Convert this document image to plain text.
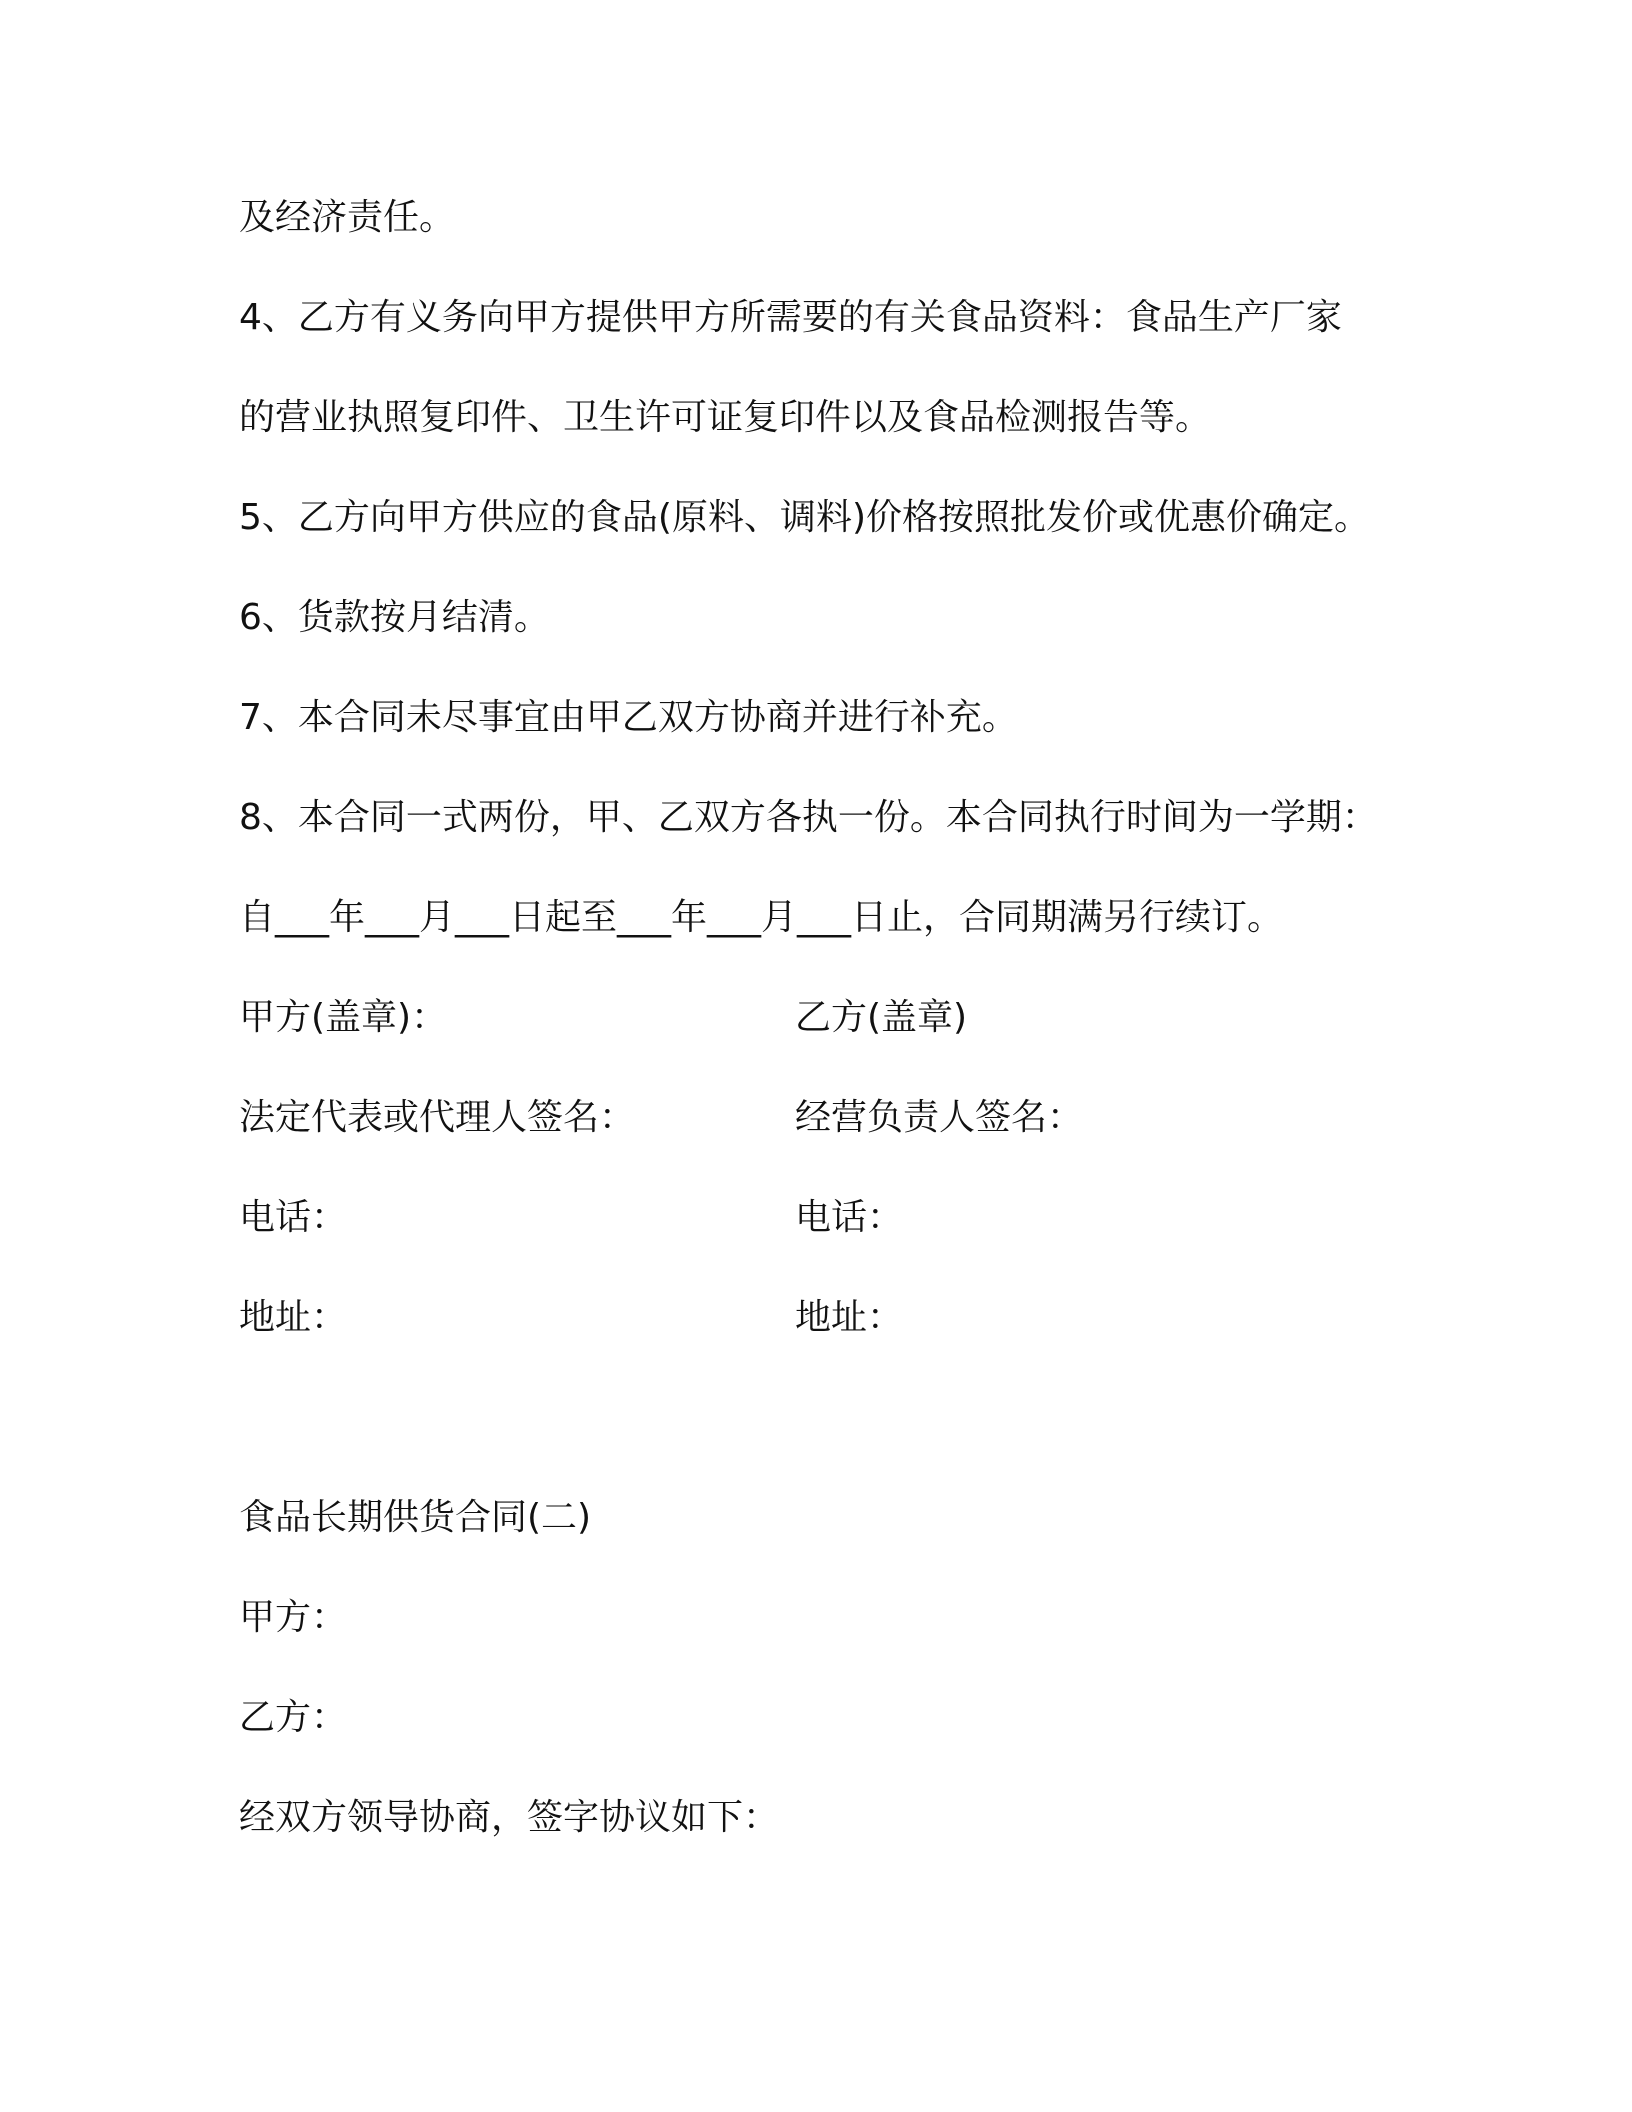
及经济责任。
4、乙方有义务向甲方提供甲方所需要的有关食品资料：食品生产厂家
的营业执照复印件、卫生许可证复印件以及食品检测报告等。
5、乙方向甲方供应的食品(原料、调料)价格按照批发价或优惠价确定。
6、货款按月结清。
7、本合同未尽事宜由甲乙双方协商并进行补充。
8、本合同一式两份，甲、乙双方各执一份。本合同执行时间为一学期：
自___年___月___日起至___年___月___日止，合同期满另行续订。
甲方(盖章)：	乙方(盖章)
法定代表或代理人签名：	经营负责人签名：
电话：	电话：
地址：	地址：
食品长期供货合同(二)
甲方：
乙方：
经双方领导协商，签字协议如下：
